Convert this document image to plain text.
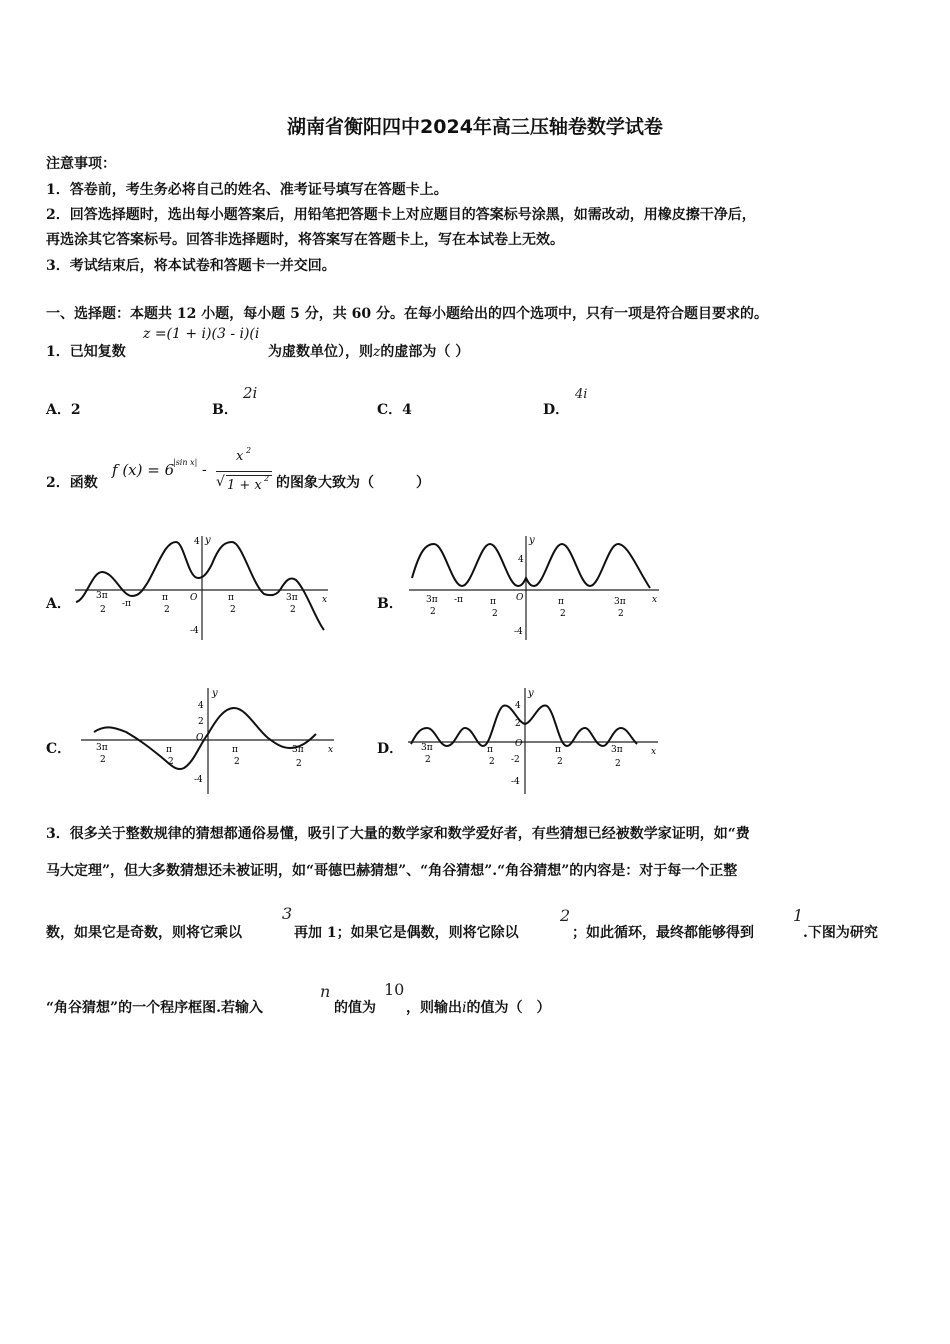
湖南省衡阳四中2024年高三压轴卷数学试卷
注意事项：
1．答卷前，考生务必将自己的姓名、准考证号填写在答题卡上。
2．回答选择题时，选出每小题答案后，用铅笔把答题卡上对应题目的答案标号涂黑，如需改动，用橡皮擦干净后，
再选涂其它答案标号。回答非选择题时，将答案写在答题卡上，写在本试卷上无效。
3．考试结束后，将本试卷和答题卡一并交回。
一、选择题：本题共 12 小题，每小题 5 分，共 60 分。在每小题给出的四个选项中，只有一项是符合题目要求的。
1．已知复数
z =(1 + i)(3 - i)(i
为虚数单位），则z的虚部为（ ）
A．2	B．
2i
C．4	D．
4i
2．函数
f (x) = 6
|sin x| -
x 2
√ 1 + x 2 的图象大致为（　　　）
A．	B．
C．	D．
y
x
4
-4
O
-π
3π
2
π
2
π
2
3π
2
y
x
4
-4
O
-π
3π
2
π
2
π
2
3π
2
y
x
4
2
-4
O
3π
2
π
2
π
2
3π
2
y
x
4
2
-2
-4
O
3π
2
π
2
π
2
3π
2
3．很多关于整数规律的猜想都通俗易懂，吸引了大量的数学家和数学爱好者，有些猜想已经被数学家证明，如“费
马大定理”，但大多数猜想还未被证明，如“哥德巴赫猜想”、“角谷猜想”.“角谷猜想”的内容是：对于每一个正整
数，如果它是奇数，则将它乘以
3
再加 1；如果它是偶数，则将它除以
2
；如此循环，最终都能够得到
1
.下图为研究
“角谷猜想”的一个程序框图.若输入
n
的值为
10
，则输出i的值为（　）
